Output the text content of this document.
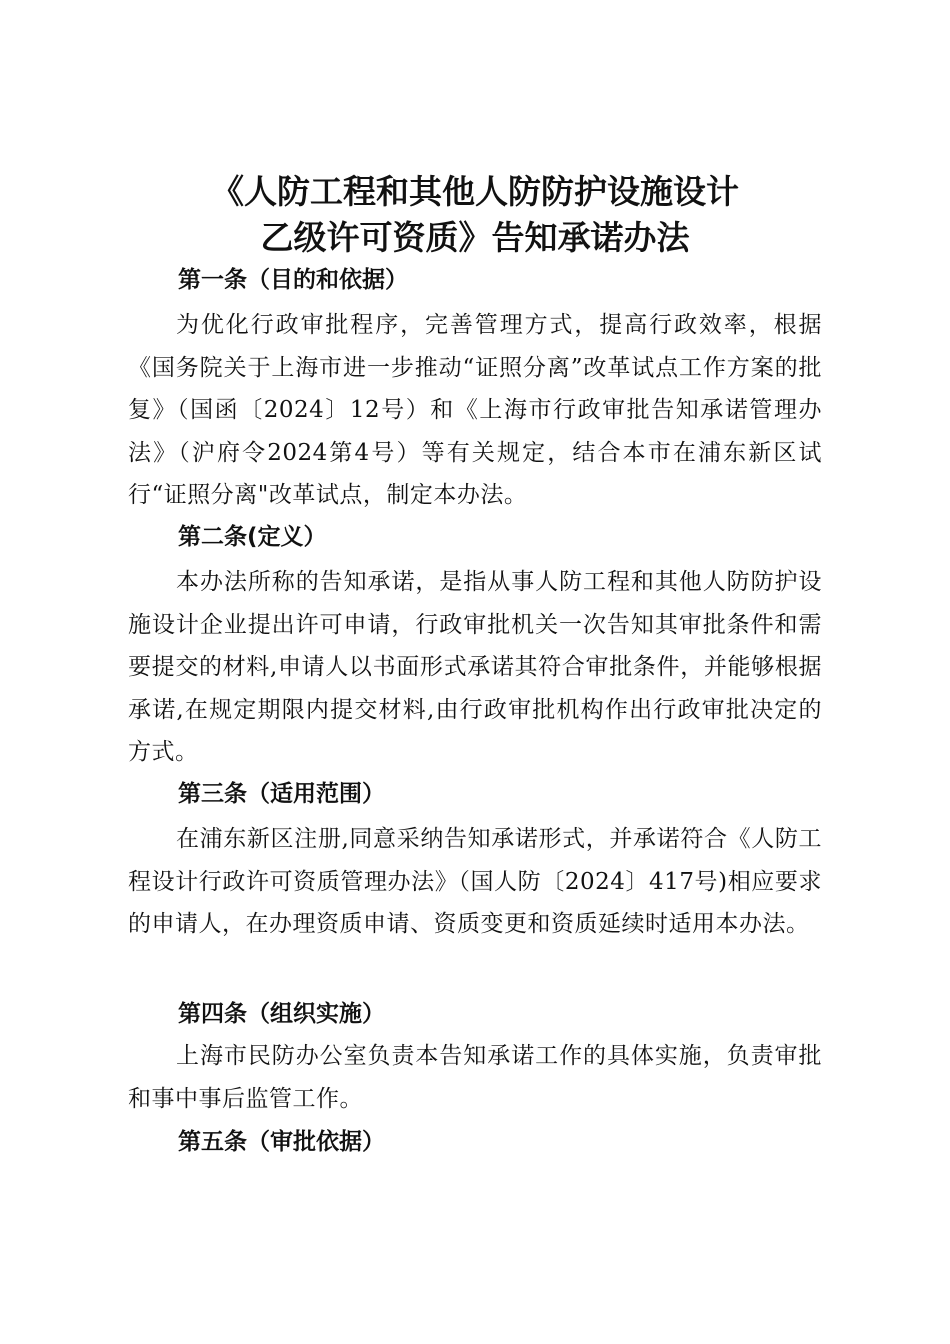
《人防工程和其他人防防护设施设计
乙级许可资质》告知承诺办法
第一条（目的和依据）

为优化行政审批程序，完善管理方式，提高行政效率，根据《国务院关于上海市进一步推动“证照分离”改革试点工作方案的批复》（国函〔2024〕12号）和《上海市行政审批告知承诺管理办法》（沪府令2024第4号）等有关规定，结合本市在浦东新区试行“证照分离"改革试点，制定本办法。

第二条(定义）

本办法所称的告知承诺，是指从事人防工程和其他人防防护设施设计企业提出许可申请，行政审批机关一次告知其审批条件和需要提交的材料,申请人以书面形式承诺其符合审批条件，并能够根据承诺,在规定期限内提交材料,由行政审批机构作出行政审批决定的方式。

第三条（适用范围）

在浦东新区注册,同意采纳告知承诺形式，并承诺符合《人防工程设计行政许可资质管理办法》（国人防〔2024〕417号)相应要求的申请人，在办理资质申请、资质变更和资质延续时适用本办法。

第四条（组织实施）

上海市民防办公室负责本告知承诺工作的具体实施，负责审批和事中事后监管工作。

第五条（审批依据）
